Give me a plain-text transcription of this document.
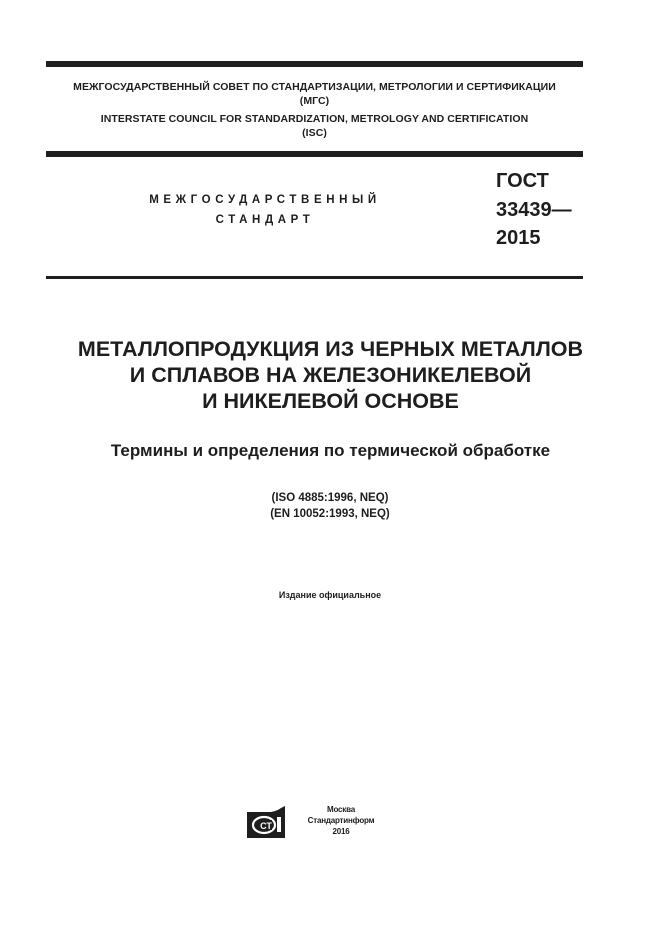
МЕЖГОСУДАРСТВЕННЫЙ СОВЕТ ПО СТАНДАРТИЗАЦИИ, МЕТРОЛОГИИ И СЕРТИФИКАЦИИ
(МГС)
INTERSTATE COUNCIL FOR STANDARDIZATION, METROLOGY AND CERTIFICATION
(ISC)
МЕЖГОСУДАРСТВЕННЫЙ
СТАНДАРТ
ГОСТ
33439—
2015
МЕТАЛЛОПРОДУКЦИЯ ИЗ ЧЕРНЫХ МЕТАЛЛОВ
И СПЛАВОВ НА ЖЕЛЕЗОНИКЕЛЕВОЙ
И НИКЕЛЕВОЙ ОСНОВЕ
Термины и определения по термической обработке
(ISO 4885:1996, NEQ)
(EN 10052:1993, NEQ)
Издание официальное
СТ
Москва
Стандартинформ
2016
